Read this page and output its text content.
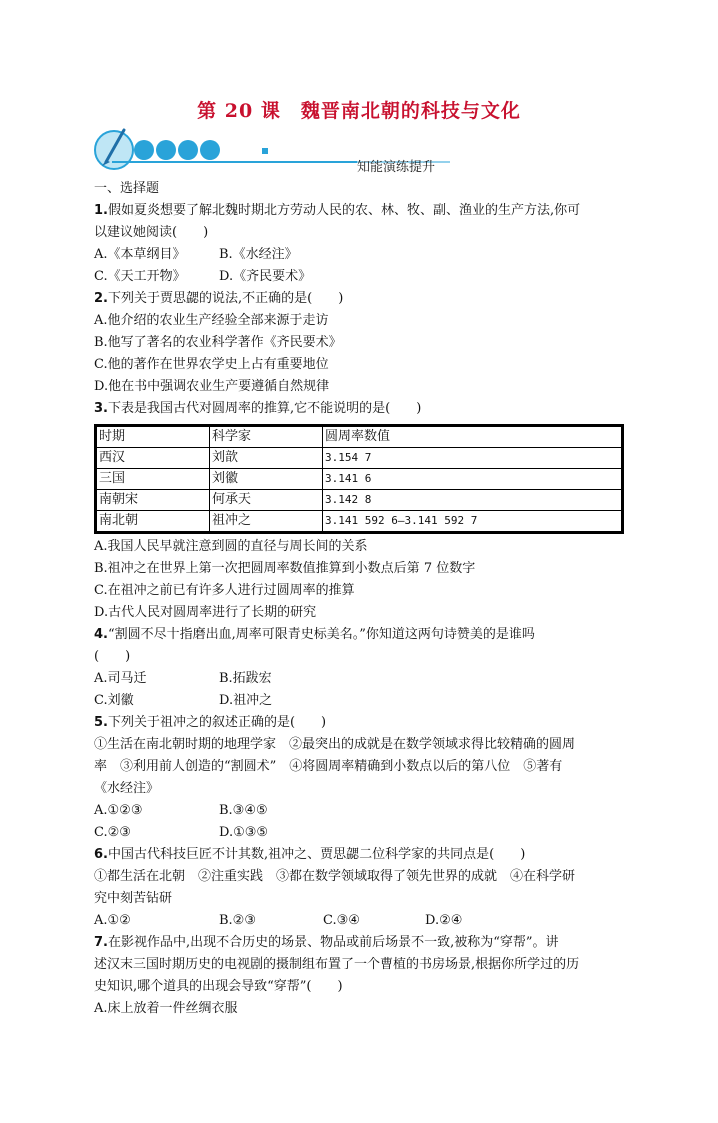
第 20 课　魏晋南北朝的科技与文化
知能演练提升

一、选择题

1.假如夏炎想要了解北魏时期北方劳动人民的农、林、牧、副、渔业的生产方法,你可

以建议她阅读(　　)

A.《本草纲目》	B.《水经注》
C.《天工开物》	D.《齐民要术》

2.下列关于贾思勰的说法,不正确的是(　　)

A.他介绍的农业生产经验全部来源于走访

B.他写了著名的农业科学著作《齐民要术》

C.他的著作在世界农学史上占有重要地位

D.他在书中强调农业生产要遵循自然规律

3.下表是我国古代对圆周率的推算,它不能说明的是(　　)

时期	科学家	圆周率数值
西汉	刘歆	3.154 7
三国	刘徽	3.141 6
南朝宋	何承天	3.142 8
南北朝	祖冲之	3.141 592 6—3.141 592 7

A.我国人民早就注意到圆的直径与周长间的关系

B.祖冲之在世界上第一次把圆周率数值推算到小数点后第 7 位数字

C.在祖冲之前已有许多人进行过圆周率的推算

D.古代人民对圆周率进行了长期的研究

4.“割圆不尽十指磨出血,周率可限青史标美名。”你知道这两句诗赞美的是谁吗

(　　)

A.司马迁	B.拓跋宏
C.刘徽	D.祖冲之

5.下列关于祖冲之的叙述正确的是(　　)

①生活在南北朝时期的地理学家　②最突出的成就是在数学领域求得比较精确的圆周

率　③利用前人创造的“割圆术”　④将圆周率精确到小数点以后的第八位　⑤著有

《水经注》

A.①②③	B.③④⑤
C.②③	D.①③⑤

6.中国古代科技巨匠不计其数,祖冲之、贾思勰二位科学家的共同点是(　　)

①都生活在北朝　②注重实践　③都在数学领域取得了领先世界的成就　④在科学研

究中刻苦钻研

A.①②	B.②③	C.③④	D.②④

7.在影视作品中,出现不合历史的场景、物品或前后场景不一致,被称为“穿帮”。讲

述汉末三国时期历史的电视剧的摄制组布置了一个曹植的书房场景,根据你所学过的历

史知识,哪个道具的出现会导致“穿帮”(　　)

A.床上放着一件丝绸衣服
